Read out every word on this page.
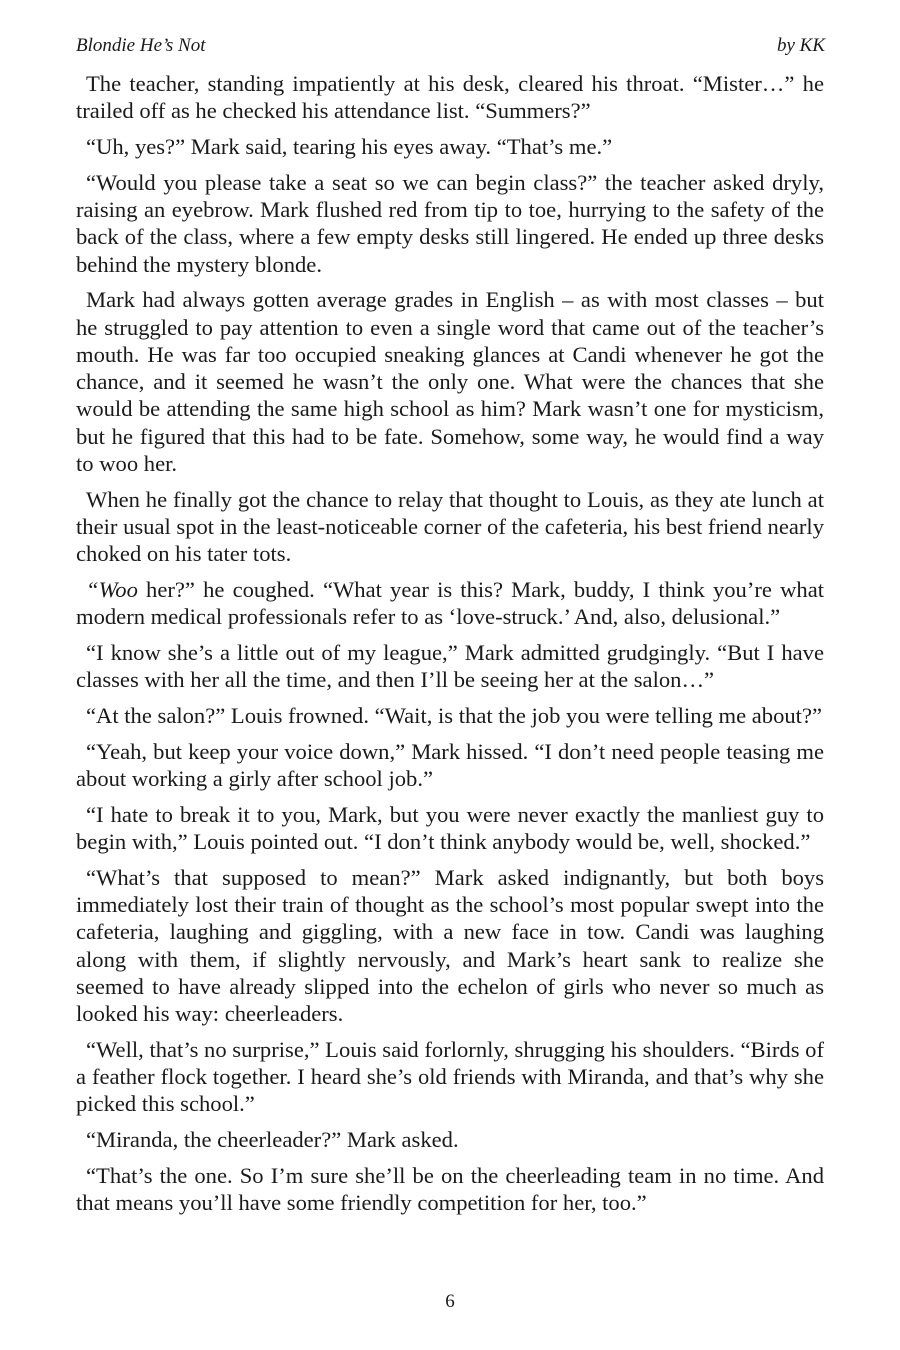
Blondie He’s Not	by KK

The teacher, standing impatiently at his desk, cleared his throat. “Mister…” he trailed off as he checked his attendance list. “Summers?”

“Uh, yes?” Mark said, tearing his eyes away. “That’s me.”

“Would you please take a seat so we can begin class?” the teacher asked dryly, raising an eyebrow. Mark flushed red from tip to toe, hurrying to the safety of the back of the class, where a few empty desks still lingered. He ended up three desks behind the mystery blonde.

Mark had always gotten average grades in English – as with most classes – but he struggled to pay attention to even a single word that came out of the teacher’s mouth. He was far too occupied sneaking glances at Candi whenever he got the chance, and it seemed he wasn’t the only one. What were the chances that she would be attending the same high school as him? Mark wasn’t one for mysticism, but he figured that this had to be fate. Somehow, some way, he would find a way to woo her.

When he finally got the chance to relay that thought to Louis, as they ate lunch at their usual spot in the least-noticeable corner of the cafeteria, his best friend nearly choked on his tater tots.

“Woo her?” he coughed. “What year is this? Mark, buddy, I think you’re what modern medical professionals refer to as ‘love-struck.’ And, also, delusional.”

“I know she’s a little out of my league,” Mark admitted grudgingly. “But I have classes with her all the time, and then I’ll be seeing her at the salon…”

“At the salon?” Louis frowned. “Wait, is that the job you were telling me about?”

“Yeah, but keep your voice down,” Mark hissed. “I don’t need people teasing me about working a girly after school job.”

“I hate to break it to you, Mark, but you were never exactly the manliest guy to begin with,” Louis pointed out. “I don’t think anybody would be, well, shocked.”

“What’s that supposed to mean?” Mark asked indignantly, but both boys immediately lost their train of thought as the school’s most popular swept into the cafeteria, laughing and giggling, with a new face in tow. Candi was laughing along with them, if slightly nervously, and Mark’s heart sank to realize she seemed to have already slipped into the echelon of girls who never so much as looked his way: cheerleaders.

“Well, that’s no surprise,” Louis said forlornly, shrugging his shoulders. “Birds of a feather flock together. I heard she’s old friends with Miranda, and that’s why she picked this school.”

“Miranda, the cheerleader?” Mark asked.

“That’s the one. So I’m sure she’ll be on the cheerleading team in no time. And that means you’ll have some friendly competition for her, too.”

6
